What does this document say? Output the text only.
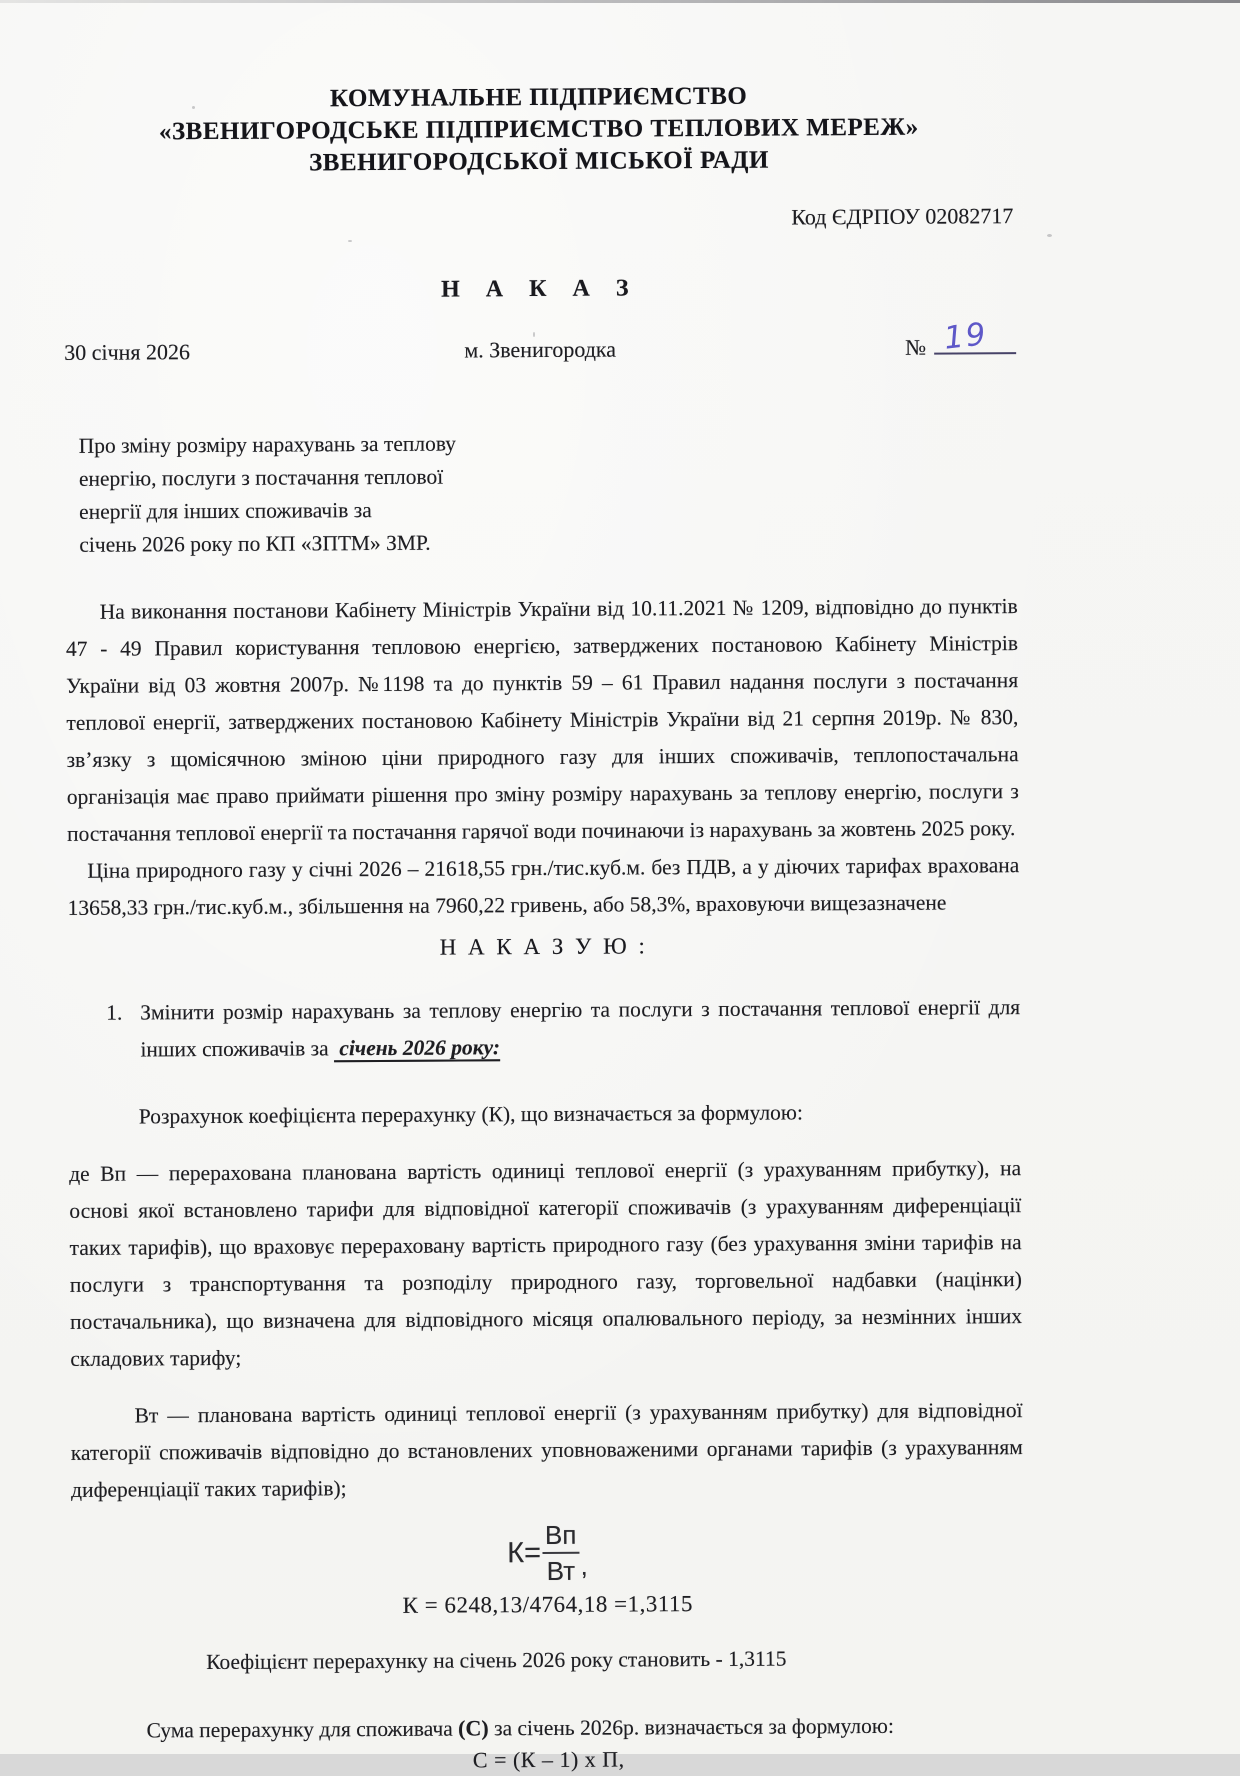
КОМУНАЛЬНЕ ПІДПРИЄМСТВО
«ЗВЕНИГОРОДСЬКЕ ПІДПРИЄМСТВО ТЕПЛОВИХ МЕРЕЖ»
ЗВЕНИГОРОДСЬКОЇ МІСЬКОЇ РАДИ
Код ЄДРПОУ 02082717
Н А К А З
30 січня 2026	м. Звенигородка	№ 19
Про зміну розміру нарахувань за теплову
енергію, послуги з постачання теплової
енергії для інших споживачів за
січень 2026 року по КП «ЗПТМ» ЗМР.
На виконання постанови Кабінету Міністрів України від 10.11.2021 № 1209, відповідно до пунктів 47 - 49 Правил користування тепловою енергією, затверджених постановою Кабінету Міністрів України від 03 жовтня 2007р. №1198 та до пунктів 59 – 61 Правил надання послуги з постачання теплової енергії, затверджених постановою Кабінету Міністрів України від 21 серпня 2019р. № 830, зв’язку з щомісячною зміною ціни природного газу для інших споживачів, теплопостачальна організація має право приймати рішення про зміну розміру нарахувань за теплову енергію, послуги з постачання теплової енергії та постачання гарячої води починаючи із нарахувань за жовтень 2025 року.
Ціна природного газу у січні 2026 – 21618,55 грн./тис.куб.м. без ПДВ, а у діючих тарифах врахована 13658,33 грн./тис.куб.м., збільшення на 7960,22 гривень, або 58,3%, враховуючи вищезазначене
Н А К А З У Ю :
1. Змінити розмір нарахувань за теплову енергію та послуги з постачання теплової енергії для інших споживачів за  січень 2026 року:
Розрахунок коефіцієнта перерахунку (К), що визначається за формулою:
де Вп — перерахована планована вартість одиниці теплової енергії (з урахуванням прибутку), на основі якої встановлено тарифи для відповідної категорії споживачів (з урахуванням диференціації таких тарифів), що враховує перераховану вартість природного газу (без урахування зміни тарифів на послуги з транспортування та розподілу природного газу, торговельної надбавки (націнки) постачальника), що визначена для відповідного місяця опалювального періоду, за незмінних інших складових тарифу;
Вт — планована вартість одиниці теплової енергії (з урахуванням прибутку) для відповідної категорії споживачів відповідно до встановлених уповноваженими органами тарифів (з урахуванням диференціації таких тарифів);
$К= \frac{Вп}{Вт}$ ,
К = 6248,13/4764,18 =1,3115
Коефіцієнт перерахунку на січень 2026 року становить - 1,3115
Сума перерахунку для споживача (С) за січень 2026р. визначається за формулою:
С = (К – 1) х П,
